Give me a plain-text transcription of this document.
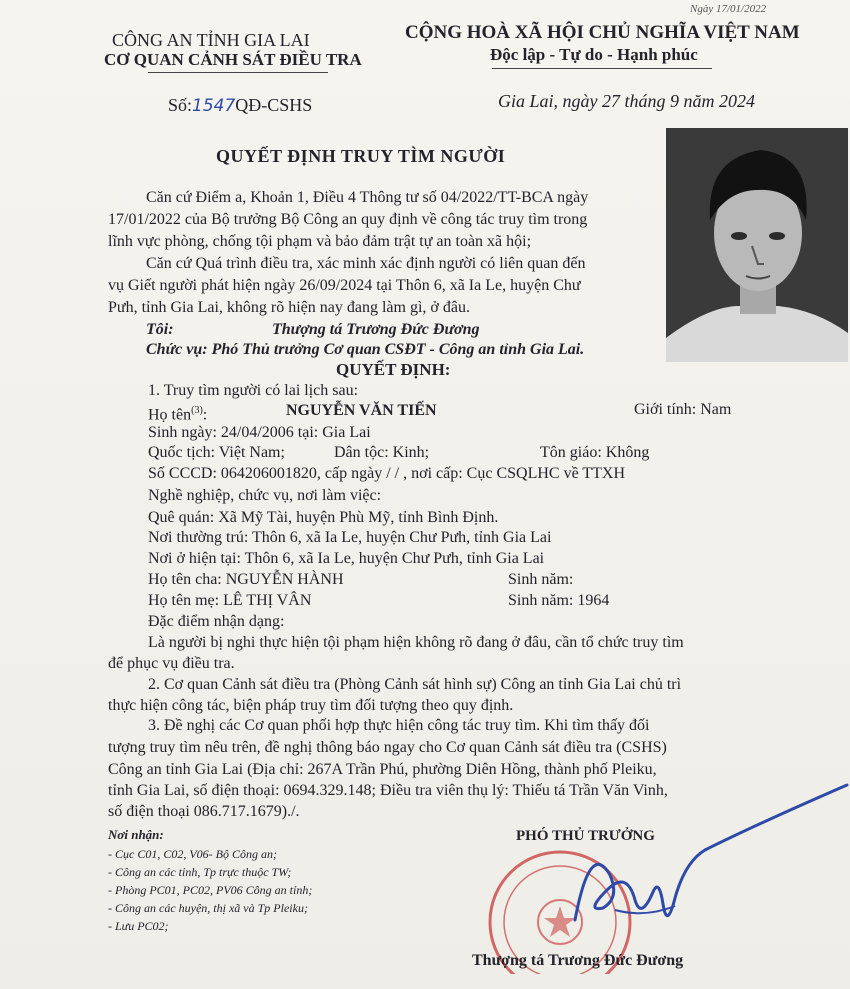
Ngày 17/01/2022
CÔNG AN TỈNH GIA LAI
CƠ QUAN CẢNH SÁT ĐIỀU TRA
CỘNG HOÀ XÃ HỘI CHỦ NGHĨA VIỆT NAM
Độc lập - Tự do - Hạnh phúc
Số:1547QĐ-CSHS	Gia Lai, ngày 27 tháng 9 năm 2024
QUYẾT ĐỊNH TRUY TÌM NGƯỜI
Căn cứ Điểm a, Khoản 1, Điều 4 Thông tư số 04/2022/TT-BCA ngày
17/01/2022 của Bộ trưởng Bộ Công an quy định về công tác truy tìm trong
lĩnh vực phòng, chống tội phạm và bảo đảm trật tự an toàn xã hội;
Căn cứ Quá trình điều tra, xác minh xác định người có liên quan đến
vụ Giết người phát hiện ngày 26/09/2024 tại Thôn 6, xã Ia Le, huyện Chư
Pưh, tỉnh Gia Lai, không rõ hiện nay đang làm gì, ở đâu.
Tôi:	Thượng tá Trương Đức Đương
Chức vụ: Phó Thủ trưởng Cơ quan CSĐT - Công an tỉnh Gia Lai.
QUYẾT ĐỊNH:
1. Truy tìm người có lai lịch sau:
Họ tên$^{(3)}$:	NGUYỄN VĂN TIẾN	Giới tính: Nam
Sinh ngày: 24/04/2006 tại: Gia Lai
Quốc tịch: Việt Nam;	Dân tộc: Kinh;	Tôn giáo: Không
Số CCCD: 064206001820, cấp ngày / / , nơi cấp: Cục CSQLHC về TTXH
Nghề nghiệp, chức vụ, nơi làm việc:
Quê quán: Xã Mỹ Tài, huyện Phù Mỹ, tỉnh Bình Định.
Nơi thường trú: Thôn 6, xã Ia Le, huyện Chư Pưh, tỉnh Gia Lai
Nơi ở hiện tại: Thôn 6, xã Ia Le, huyện Chư Pưh, tỉnh Gia Lai
Họ tên cha: NGUYỄN HÀNH	Sinh năm:
Họ tên mẹ: LÊ THỊ VÂN	Sinh năm: 1964
Đặc điểm nhận dạng:
Là người bị nghi thực hiện tội phạm hiện không rõ đang ở đâu, cần tổ chức truy tìm
để phục vụ điều tra.
2. Cơ quan Cảnh sát điều tra (Phòng Cảnh sát hình sự) Công an tỉnh Gia Lai chủ trì
thực hiện công tác, biện pháp truy tìm đối tượng theo quy định.
3. Đề nghị các Cơ quan phối hợp thực hiện công tác truy tìm. Khi tìm thấy đối
tượng truy tìm nêu trên, đề nghị thông báo ngay cho Cơ quan Cảnh sát điều tra (CSHS)
Công an tỉnh Gia Lai (Địa chỉ: 267A Trần Phú, phường Diên Hồng, thành phố Pleiku,
tỉnh Gia Lai, số điện thoại: 0694.329.148; Điều tra viên thụ lý: Thiếu tá Trần Văn Vinh,
số điện thoại 086.717.1679)./.
Nơi nhận:
- Cục C01, C02, V06- Bộ Công an;
- Công an các tỉnh, Tp trực thuộc TW;
- Phòng PC01, PC02, PV06 Công an tỉnh;
- Công an các huyện, thị xã và Tp Pleiku;
- Lưu PC02;
PHÓ THỦ TRƯỞNG
Thượng tá Trương Đức Đương
